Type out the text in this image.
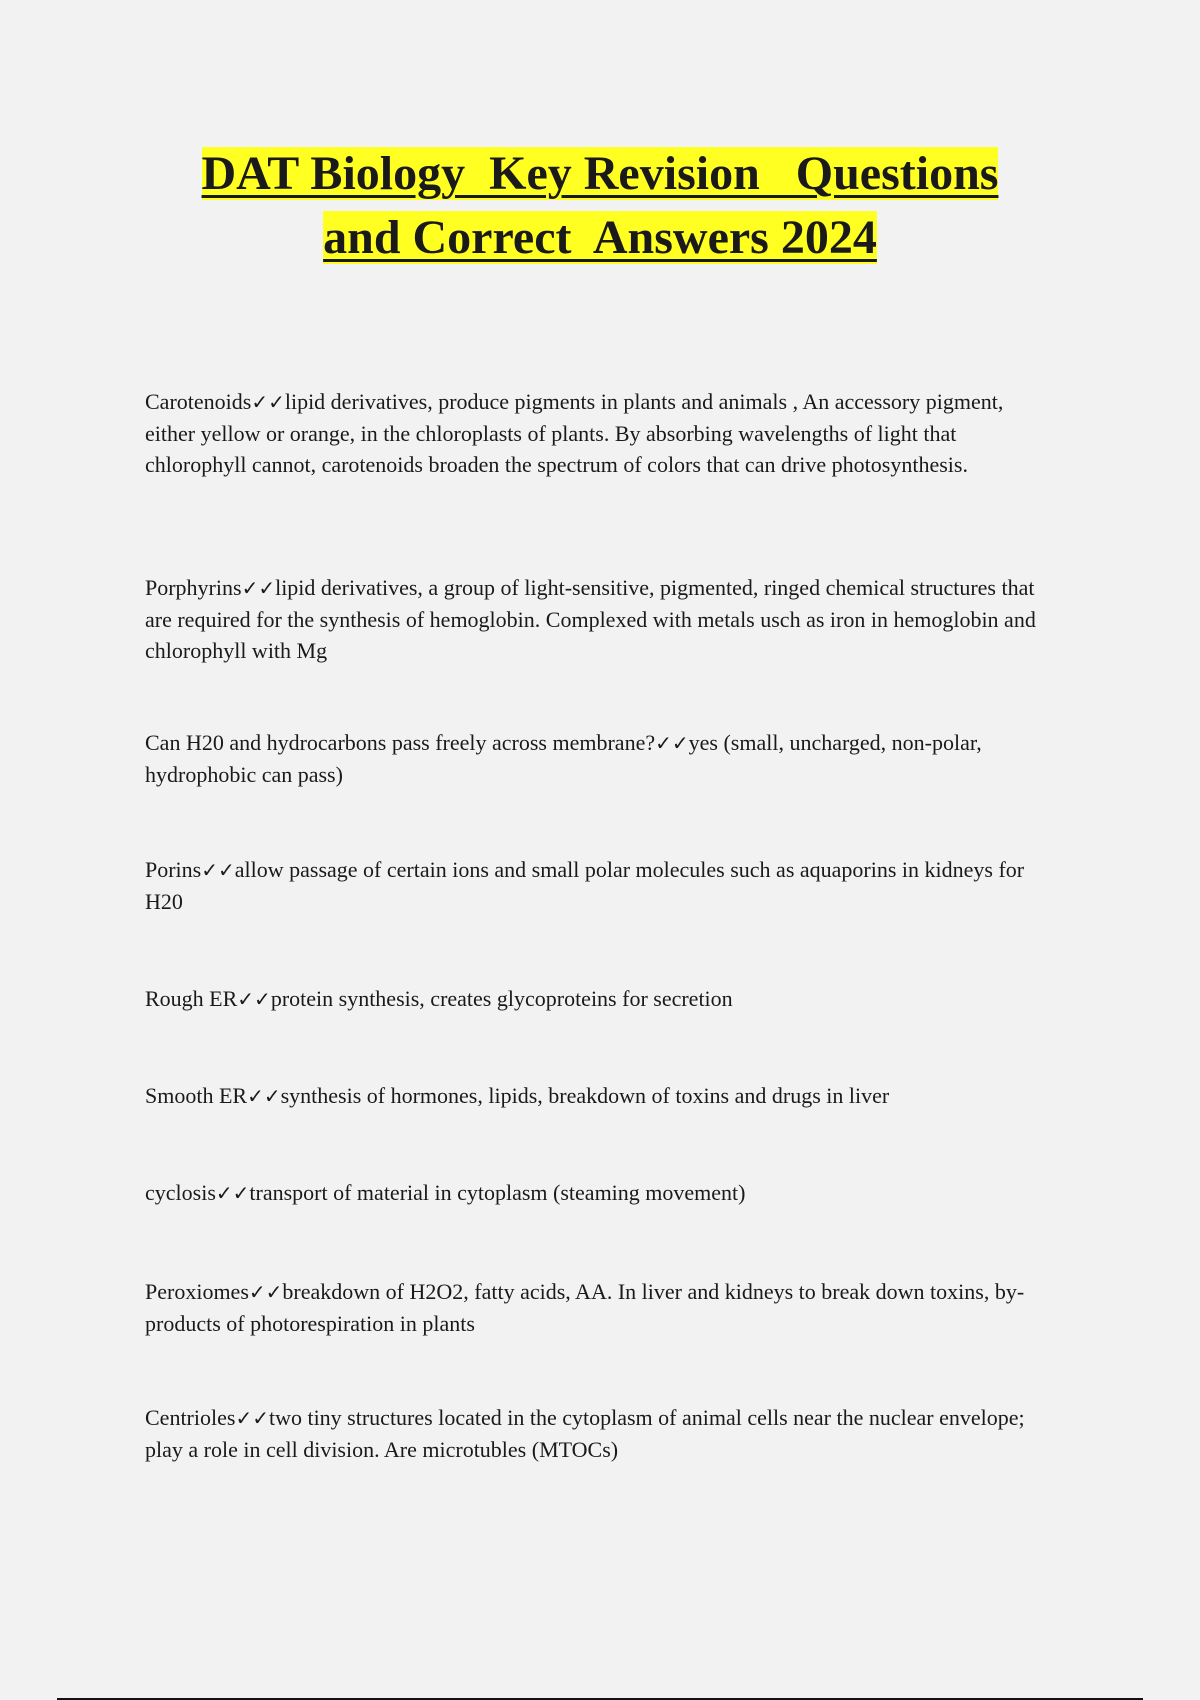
DAT Biology  Key Revision   Questions
and Correct  Answers 2024

Carotenoids✓✓lipid derivatives, produce pigments in plants and animals , An accessory pigment, either yellow or orange, in the chloroplasts of plants. By absorbing wavelengths of light that chlorophyll cannot, carotenoids broaden the spectrum of colors that can drive photosynthesis.

Porphyrins✓✓lipid derivatives, a group of light-sensitive, pigmented, ringed chemical structures that are required for the synthesis of hemoglobin. Complexed with metals usch as iron in hemoglobin and chlorophyll with Mg

Can H20 and hydrocarbons pass freely across membrane?✓✓yes (small, uncharged, non-polar, hydrophobic can pass)

Porins✓✓allow passage of certain ions and small polar molecules such as aquaporins in kidneys for H20

Rough ER✓✓protein synthesis, creates glycoproteins for secretion

Smooth ER✓✓synthesis of hormones, lipids, breakdown of toxins and drugs in liver

cyclosis✓✓transport of material in cytoplasm (steaming movement)

Peroxiomes✓✓breakdown of H2O2, fatty acids, AA. In liver and kidneys to break down toxins, by-products of photorespiration in plants

Centrioles✓✓two tiny structures located in the cytoplasm of animal cells near the nuclear envelope; play a role in cell division. Are microtubles (MTOCs)
